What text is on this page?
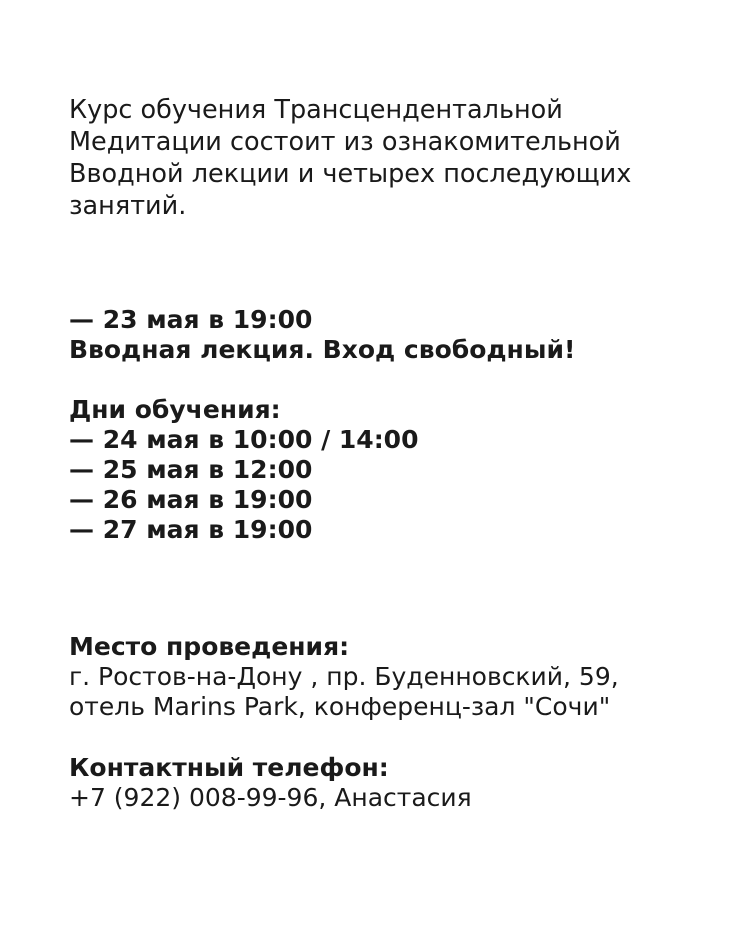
Курс обучения Трансцендентальной
Медитации состоит из ознакомительной
Вводной лекции и четырех последующих
занятий.
— 23 мая в 19:00
Вводная лекция. Вход свободный!
Дни обучения:
— 24 мая в 10:00 / 14:00
— 25 мая в 12:00
— 26 мая в 19:00
— 27 мая в 19:00
Место проведения:
г. Ростов-на-Дону , пр. Буденновский, 59,
отель Marins Park, конференц-зал "Сочи"
Контактный телефон:
+7 (922) 008-99-96, Анастасия
